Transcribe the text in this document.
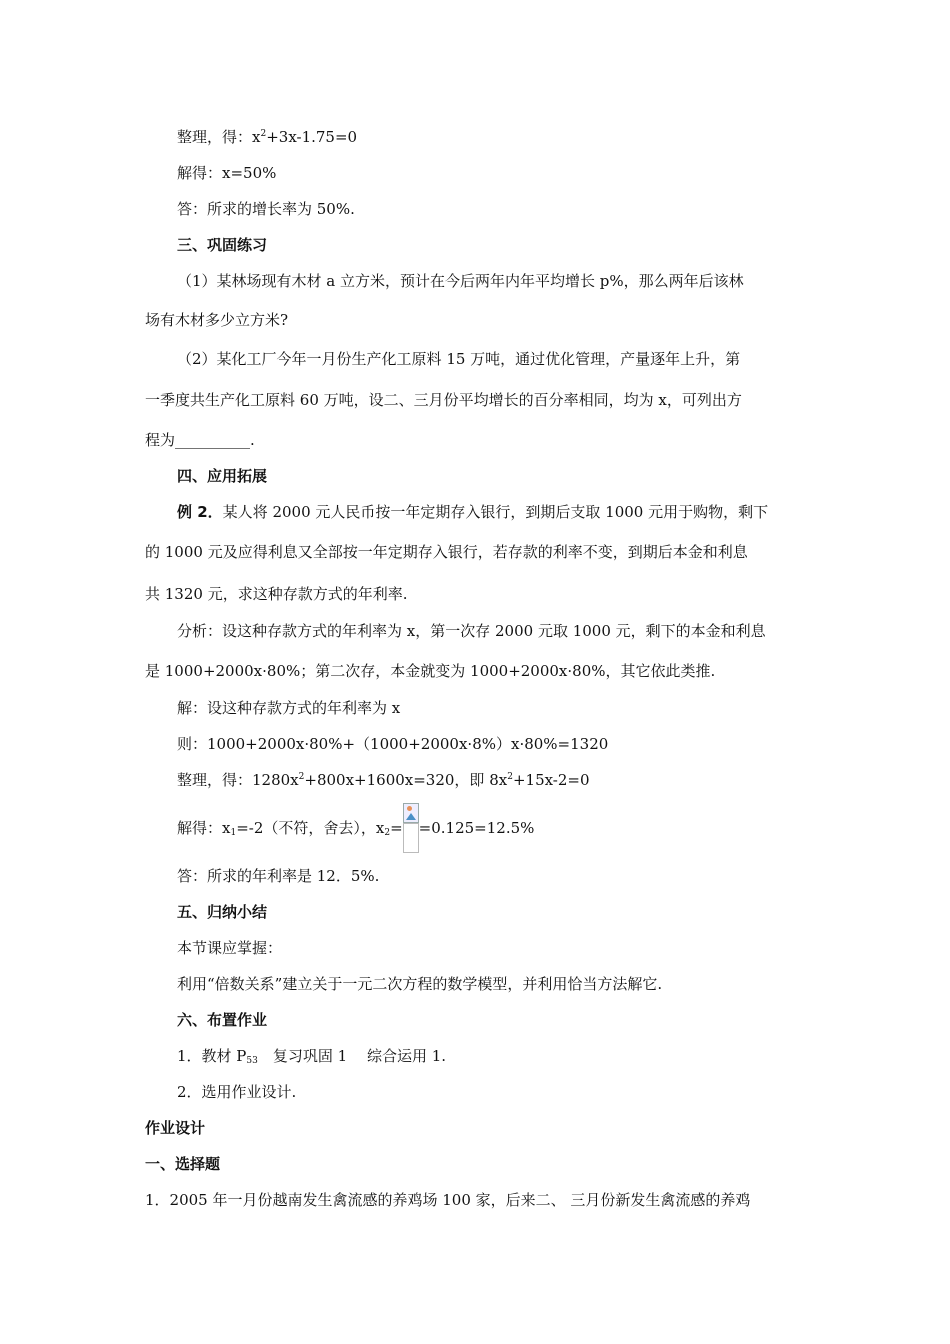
整理，得：$x^2+3x-1.75=0$
解得：x=50%
答：所求的增长率为 50%.
三、巩固练习
（1）某林场现有木材 a 立方米，预计在今后两年内年平均增长 p%，那么两年后该林
场有木材多少立方米?
（2）某化工厂今年一月份生产化工原料 15 万吨，通过优化管理，产量逐年上升，第
一季度共生产化工原料 60 万吨，设二、三月份平均增长的百分率相同，均为 x，可列出方
程为__________.
四、应用拓展
例 2．某人将 2000 元人民币按一年定期存入银行，到期后支取 1000 元用于购物，剩下
的 1000 元及应得利息又全部按一年定期存入银行，若存款的利率不变，到期后本金和利息
共 1320 元，求这种存款方式的年利率.
分析：设这种存款方式的年利率为 x，第一次存 2000 元取 1000 元，剩下的本金和利息
是 1000+2000x·80%；第二次存，本金就变为 1000+2000x·80%，其它依此类推.
解：设这种存款方式的年利率为 x
则：1000+2000x·80%+（1000+2000x·8%）x·80%=1320
整理，得：$1280x^2+800x+1600x=320$，即 $8x^2+15x-2=0$
解得：$x_1=-2$（不符，舍去），$x_2= =0.125=12.5\%$
答：所求的年利率是 12．5%.
五、归纳小结
本节课应掌握：
利用“倍数关系”建立关于一元二次方程的数学模型，并利用恰当方法解它.
六、布置作业
1．教材 $P_{53}$　复习巩固 1　 综合运用 1.
2．选用作业设计.
作业设计
一、选择题
1．2005 年一月份越南发生禽流感的养鸡场 100 家，后来二、 三月份新发生禽流感的养鸡
